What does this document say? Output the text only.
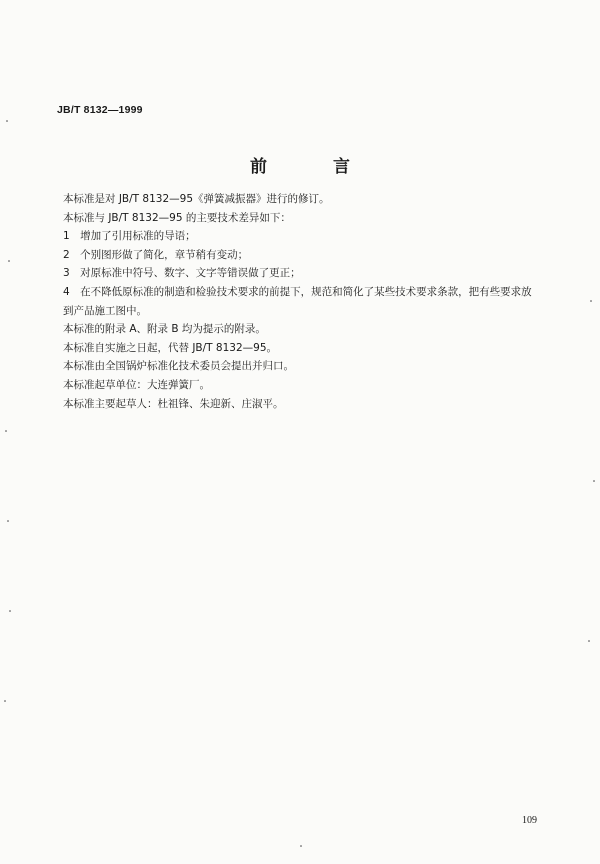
JB/T 8132—1999
前 言

本标准是对 JB/T 8132—95《弹簧减振器》进行的修订。

本标准与 JB/T 8132—95 的主要技术差异如下：

1　增加了引用标准的导语；

2　个别图形做了简化，章节稍有变动；

3　对原标准中符号、数字、文字等错误做了更正；

4　在不降低原标准的制造和检验技术要求的前提下，规范和简化了某些技术要求条款，把有些要求放到产品施工图中。

本标准的附录 A、附录 B 均为提示的附录。

本标准自实施之日起，代替 JB/T 8132—95。

本标准由全国锅炉标准化技术委员会提出并归口。

本标准起草单位：大连弹簧厂。

本标准主要起草人：杜祖锋、朱迎新、庄淑平。

109
